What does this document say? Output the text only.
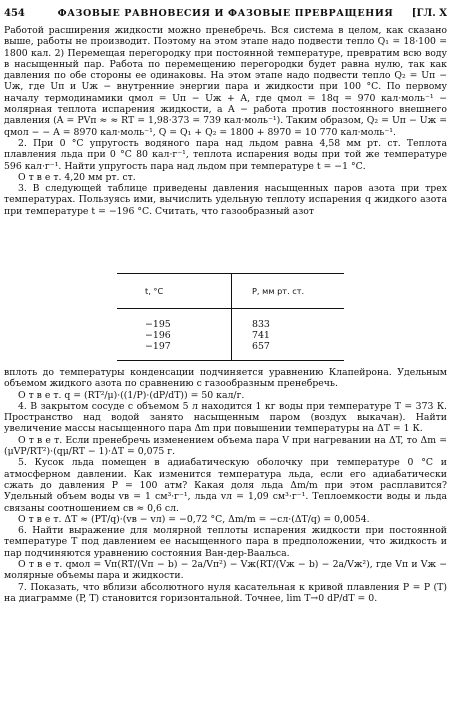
454	ФАЗОВЫЕ РАВНОВЕСИЯ И ФАЗОВЫЕ ПРЕВРАЩЕНИЯ	[ГЛ. X

Работой расширения жидкости можно пренебречь. Вся система в целом, как сказано выше, работы не производит. Поэтому на этом этапе надо подвести тепло Q₁ = 18·100 = 1800 кал. 2) Перемещая перегородку при постоянной температуре, превратим всю воду в насыщенный пар. Работа по перемещению перегородки будет равна нулю, так как давления по обе стороны ее одинаковы. На этом этапе надо подвести тепло Q₂ = Uп − Uж, где Uп и Uж − внутренние энергии пара и жидкости при 100 °С. По первому началу термодинамики qмол = Uп − Uж + A, где qмол = 18q = 970 кал·моль⁻¹ − молярная теплота испарения жидкости, а A − работа против постоянного внешнего давления (A = PVп ≈ ≈ RT = 1,98·373 = 739 кал·моль⁻¹). Таким образом, Q₂ = Uп − Uж = qмол − − A = 8970 кал·моль⁻¹, Q = Q₁ + Q₂ = 1800 + 8970 = 10 770 кал·моль⁻¹.

2. При 0 °С упругость водяного пара над льдом равна 4,58 мм рт. ст. Теплота плавления льда при 0 °С 80 кал·г⁻¹, теплота испарения воды при той же температуре 596 кал·г⁻¹. Найти упругость пара над льдом при температуре t = −1 °С.

О т в е т. 4,20 мм рт. ст.

3. В следующей таблице приведены давления насыщенных паров азота при трех температурах. Пользуясь ими, вычислить удельную теплоту испарения q жидкого азота при температуре t = −196 °С. Считать, что газообразный азот

t, °С	P, мм рт. ст.
−195	833
−196	741
−197	657

вплоть до температуры конденсации подчиняется уравнению Клапейрона. Удельным объемом жидкого азота по сравнению с газообразным пренебречь.

О т в е т. q = (RT²/μ)·((1/P)·(dP/dT)) = 50 кал/г.

4. В закрытом сосуде с объемом 5 л находится 1 кг воды при температуре T = 373 К. Пространство над водой занято насыщенным паром (воздух выкачан). Найти увеличение массы насыщенного пара Δm при повышении температуры на ΔT = 1 К.

О т в е т. Если пренебречь изменением объема пара V при нагревании на ΔT, то Δm = (μVP/RT²)·(qμ/RT − 1)·ΔT = 0,075 г.

5. Кусок льда помещен в адиабатическую оболочку при температуре 0 °С и атмосферном давлении. Как изменится температура льда, если его адиабатически сжать до давления P = 100 атм? Какая доля льда Δm/m при этом расплавится? Удельный объем воды vв = 1 см³·г⁻¹, льда vл = 1,09 см³·г⁻¹. Теплоемкости воды и льда связаны соотношением cв ≈ 0,6 cл.

О т в е т. ΔT ≈ (PT/q)·(vв − vл) = −0,72 °С, Δm/m = −cл·(ΔT/q) = 0,0054.

6. Найти выражение для молярной теплоты испарения жидкости при постоянной температуре T под давлением ее насыщенного пара в предположении, что жидкость и пар подчиняются уравнению состояния Ван-дер-Ваальса.

О т в е т. qмол = Vп(RT/(Vп − b) − 2a/Vп²) − Vж(RT/(Vж − b) − 2a/Vж²), где Vп и Vж − молярные объемы пара и жидкости.

7. Показать, что вблизи абсолютного нуля касательная к кривой плавления P = P (T) на диаграмме (P, T) становится горизонтальной. Точнее, lim T→0 dP/dT = 0.
